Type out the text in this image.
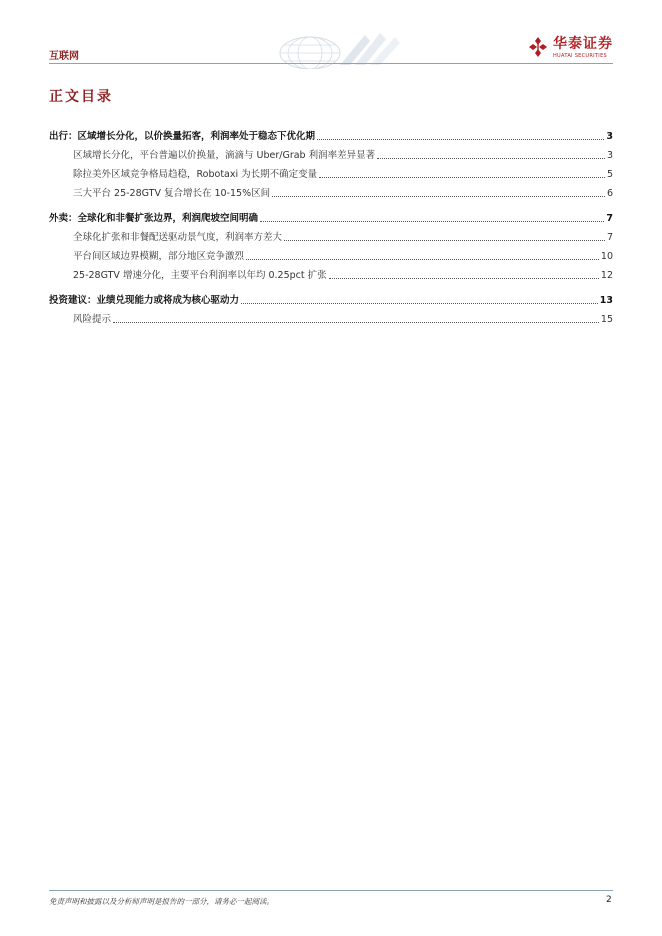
互联网
华泰证券
HUATAI SECURITIES
正文目录
出行：区域增长分化，以价换量拓客，利润率处于稳态下优化期	3
区域增长分化，平台普遍以价换量，滴滴与 Uber/Grab 利润率差异显著	3
除拉美外区域竞争格局趋稳，Robotaxi 为长期不确定变量	5
三大平台 25-28GTV 复合增长在 10-15%区间	6
外卖：全球化和非餐扩张边界，利润爬坡空间明确	7
全球化扩张和非餐配送驱动景气度，利润率方差大	7
平台间区域边界模糊，部分地区竞争激烈	10
25-28GTV 增速分化，主要平台利润率以年均 0.25pct 扩张	12
投资建议：业绩兑现能力或将成为核心驱动力	13
风险提示	15
免责声明和披露以及分析师声明是报告的一部分，请务必一起阅读。	2
